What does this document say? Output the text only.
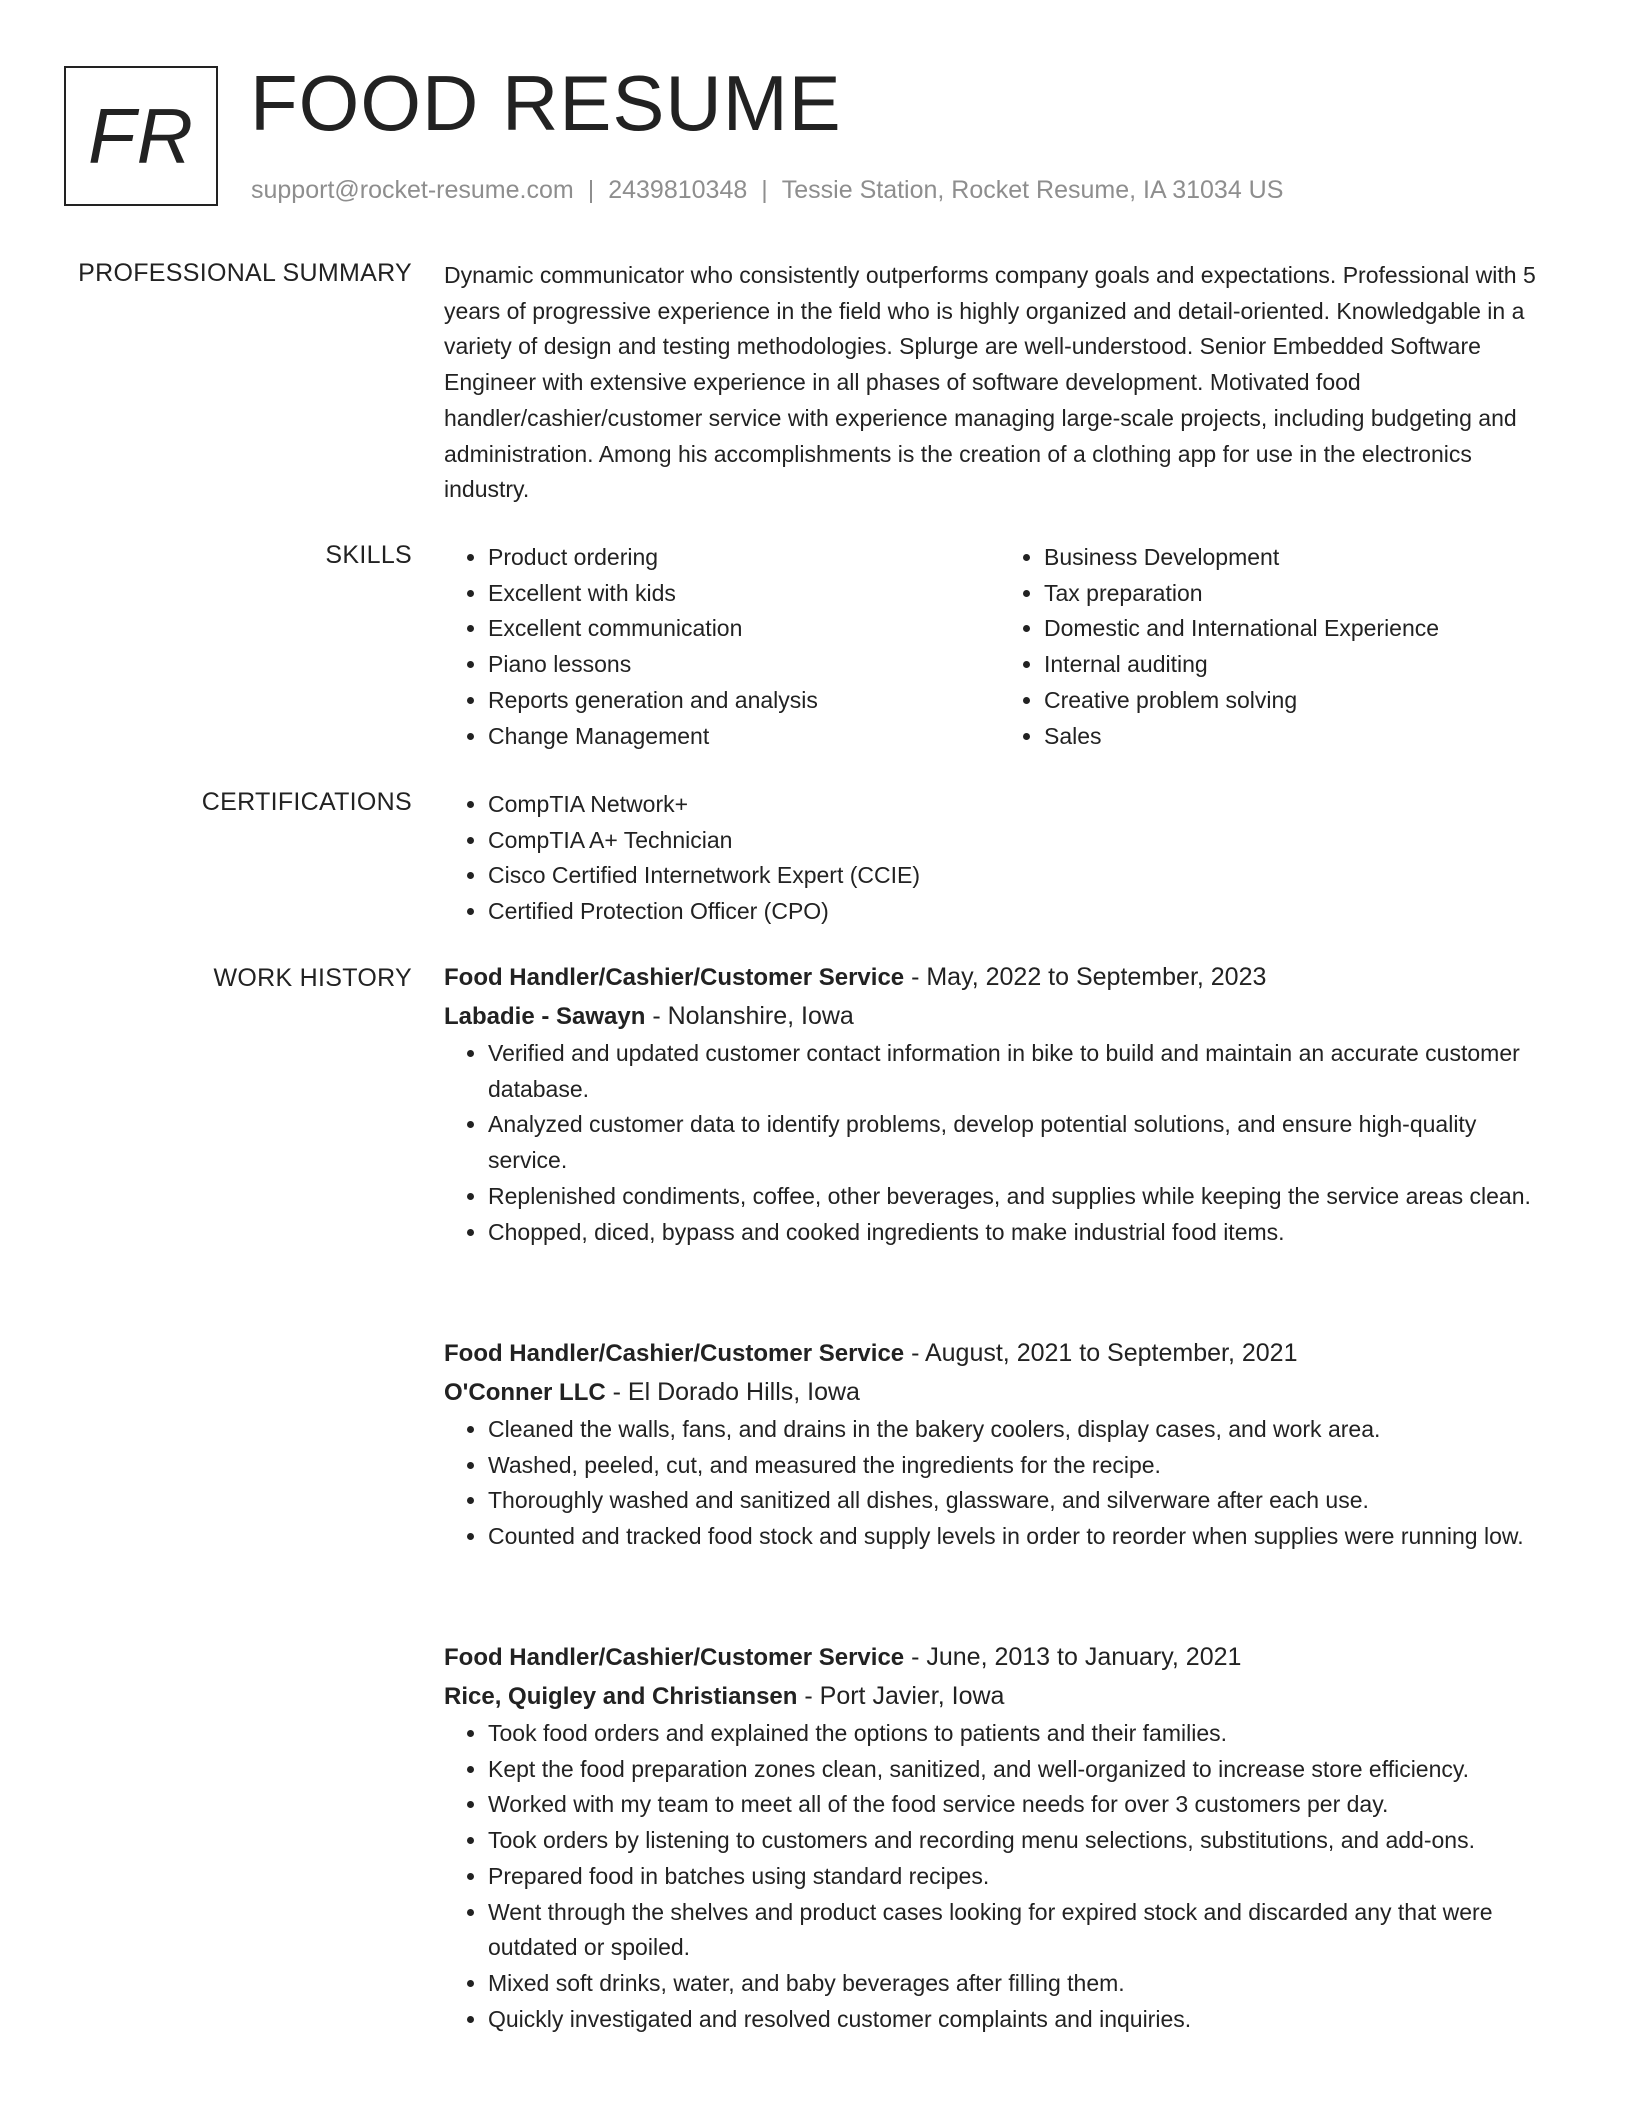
FR FOOD RESUME
support@rocket-resume.com | 2439810348 | Tessie Station, Rocket Resume, IA 31034 US
PROFESSIONAL SUMMARY Dynamic communicator who consistently outperforms company goals and expectations. Professional with 5 years of progressive experience in the field who is highly organized and detail-oriented. Knowledgable in a variety of design and testing methodologies. Splurge are well-understood. Senior Embedded Software Engineer with extensive experience in all phases of software development. Motivated food handler/cashier/customer service with experience managing large-scale projects, including budgeting and administration. Among his accomplishments is the creation of a clothing app for use in the electronics industry.

SKILLS	• Product ordering
• Excellent with kids
• Excellent communication
• Piano lessons
• Reports generation and analysis
• Change Management
• Business Development
• Tax preparation
• Domestic and International Experience
• Internal auditing
• Creative problem solving
• Sales
CERTIFICATIONS	• CompTIA Network+
• CompTIA A+ Technician
• Cisco Certified Internetwork Expert (CCIE)
• Certified Protection Officer (CPO)
WORK HISTORY Food Handler/Cashier/Customer Service - May, 2022 to September, 2023
Labadie - Sawayn - Nolanshire, Iowa
• Verified and updated customer contact information in bike to build and maintain an accurate customer database.
• Analyzed customer data to identify problems, develop potential solutions, and ensure high-quality service.
• Replenished condiments, coffee, other beverages, and supplies while keeping the service areas clean.
• Chopped, diced, bypass and cooked ingredients to make industrial food items.
Food Handler/Cashier/Customer Service - August, 2021 to September, 2021
O'Conner LLC - El Dorado Hills, Iowa
• Cleaned the walls, fans, and drains in the bakery coolers, display cases, and work area.
• Washed, peeled, cut, and measured the ingredients for the recipe.
• Thoroughly washed and sanitized all dishes, glassware, and silverware after each use.
• Counted and tracked food stock and supply levels in order to reorder when supplies were running low.
Food Handler/Cashier/Customer Service - June, 2013 to January, 2021
Rice, Quigley and Christiansen - Port Javier, Iowa
• Took food orders and explained the options to patients and their families.
• Kept the food preparation zones clean, sanitized, and well-organized to increase store efficiency.
• Worked with my team to meet all of the food service needs for over 3 customers per day.
• Took orders by listening to customers and recording menu selections, substitutions, and add-ons.
• Prepared food in batches using standard recipes.
• Went through the shelves and product cases looking for expired stock and discarded any that were outdated or spoiled.
• Mixed soft drinks, water, and baby beverages after filling them.
• Quickly investigated and resolved customer complaints and inquiries.
